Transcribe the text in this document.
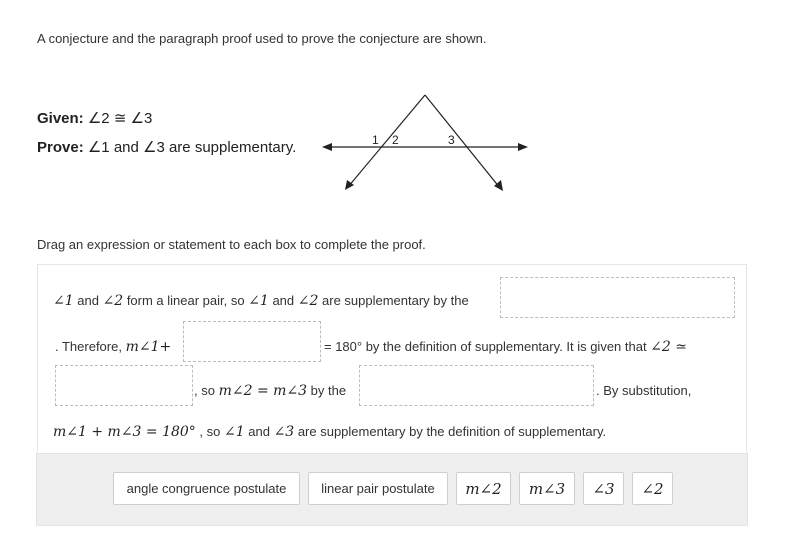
A conjecture and the paragraph proof used to prove the conjecture are shown.
Given: ∠2 ≅ ∠3
Prove: ∠1 and ∠3 are supplementary.	1 2	3
Drag an expression or statement to each box to complete the proof.
∠1 and ∠2 form a linear pair, so ∠1 and ∠2 are supplementary by the
. Therefore, m∠1+	= 180° by the definition of supplementary. It is given that ∠2 ≃
, so m∠2 = m∠3 by the	. By substitution,
m∠1 + m∠3 = 180° , so ∠1 and ∠3 are supplementary by the definition of supplementary.
angle congruence postulate	linear pair postulate	m∠2 m∠3 ∠3 ∠2
